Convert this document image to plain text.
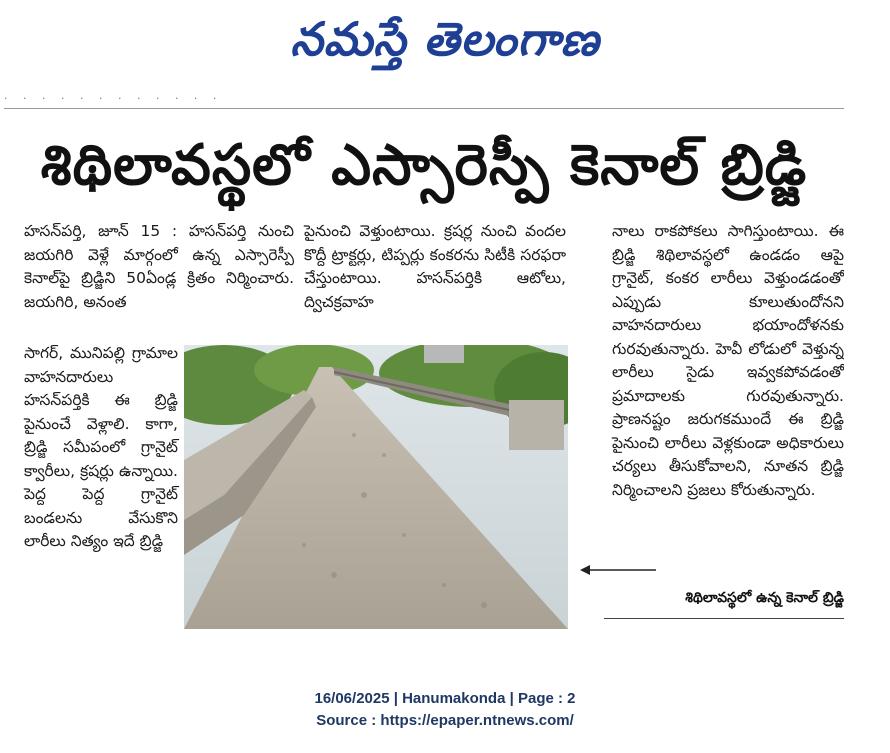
నమస్తే తెలంగాణ
· · · · · · · · · · · ·
శిథిలావస్థలో ఎస్సారెస్పీ కెనాల్ బ్రిడ్జి

హసన్‌పర్తి, జూన్ 15 : హసన్‌పర్తి నుంచి జయగిరి వెళ్లే మార్గంలో ఉన్న ఎస్సారెస్పీ కెనాల్‌పై బ్రిడ్జిని 50ఏండ్ల క్రితం నిర్మించారు. జయగిరి, అనంత

సాగర్, మునిపల్లి గ్రామాల వాహనదారులు హసన్‌పర్తికి ఈ బ్రిడ్జి పైనుంచే వెళ్లాలి. కాగా, బ్రిడ్జి సమీపంలో గ్రానైట్ క్వారీలు, క్రషర్లు ఉన్నాయి. పెద్ద పెద్ద గ్రానైట్ బండలను వేసుకొని లారీలు నిత్యం ఇదే బ్రిడ్జి

పైనుంచి వెళ్తుంటాయి. క్రషర్ల నుంచి వందల కొద్దీ ట్రాక్టర్లు, టిప్పర్లు కంకరను సిటీకి సరఫరా చేస్తుంటాయి. హసన్‌పర్తికి ఆటోలు, ద్విచక్రవాహ

నాలు రాకపోకలు సాగిస్తుంటాయి. ఈ బ్రిడ్జి శిథిలావస్థలో ఉండడం ఆపై గ్రానైట్, కంకర లారీలు వెళ్తుండడంతో ఎప్పుడు కూలుతుందోనని వాహనదారులు భయాందోళనకు గురవుతున్నారు. హెవీ లోడులో వెళ్తున్న లారీలు సైడు ఇవ్వకపోవడంతో ప్రమాదాలకు గురవుతున్నారు. ప్రాణనష్టం జరుగకముందే ఈ బ్రిడ్జి పైనుంచి లారీలు వెళ్లకుండా అధికారులు చర్యలు తీసుకోవాలని, నూతన బ్రిడ్జి నిర్మించాలని ప్రజలు కోరుతున్నారు.

శిథిలావస్థలో ఉన్న కెనాల్ బ్రిడ్జి
16/06/2025 | Hanumakonda | Page : 2
Source : https://epaper.ntnews.com/
